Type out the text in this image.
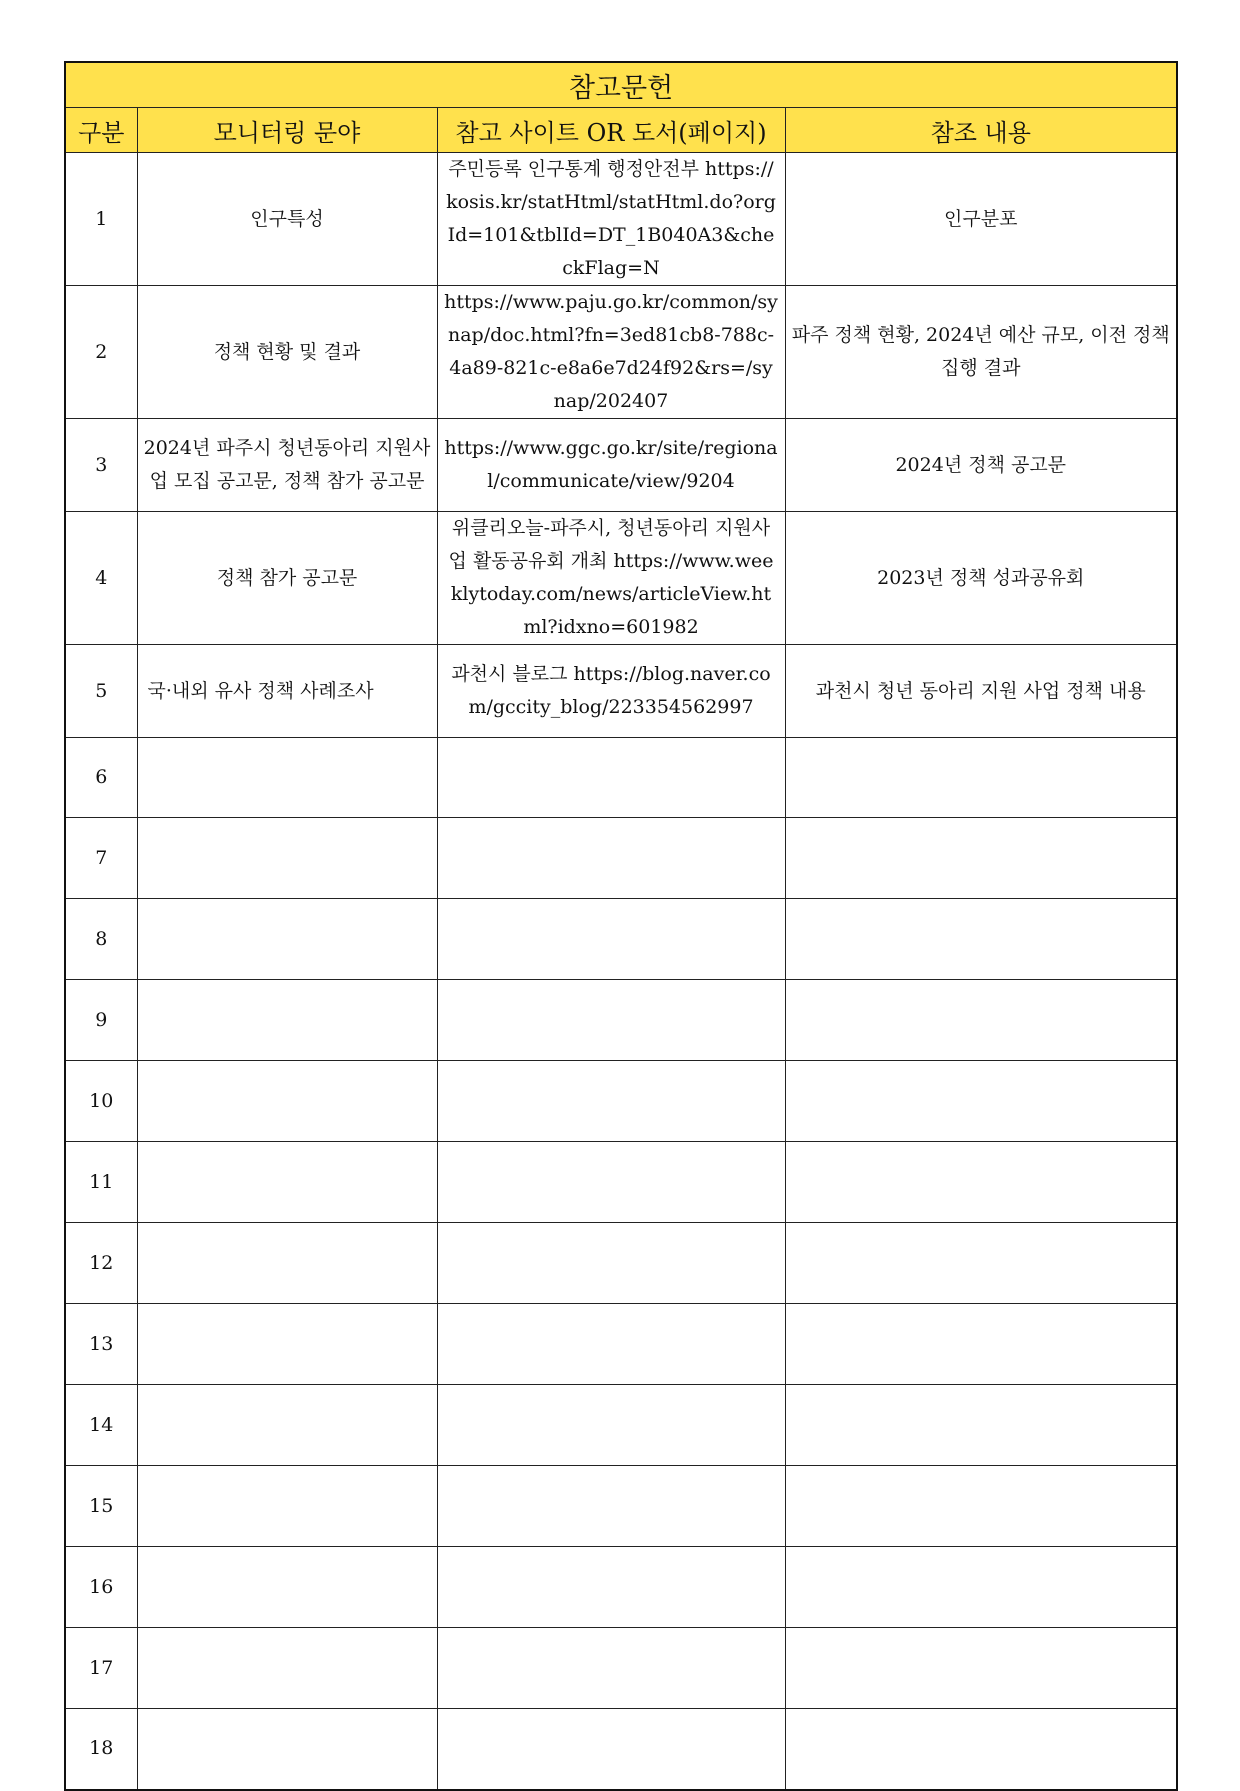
참고문헌			
구분	모니터링 문야	참고 사이트 OR 도서(페이지)	참조 내용
1	인구특성	주민등록 인구통계 행정안전부 https://kosis.kr/statHtml/statHtml.do?orgId=101&tblId=DT_1B040A3&checkFlag=N	인구분포
2	정책 현황 및 결과	https://www.paju.go.kr/common/synap/doc.html?fn=3ed81cb8-788c-4a89-821c-e8a6e7d24f92&rs=/synap/202407	파주 정책 현황, 2024년 예산 규모, 이전 정책 집행 결과
3	2024년 파주시 청년동아리 지원사업 모집 공고문, 정책 참가 공고문	https://www.ggc.go.kr/site/regional/communicate/view/9204	2024년 정책 공고문
4	정책 참가 공고문	위클리오늘-파주시, 청년동아리 지원사업 활동공유회 개최 https://www.weeklytoday.com/news/articleView.html?idxno=601982	2023년 정책 성과공유회
5	국·내외 유사 정책 사례조사	과천시 블로그 https://blog.naver.com/gccity_blog/223354562997	과천시 청년 동아리 지원 사업 정책 내용
6			
7			
8			
9			
10			
11			
12			
13			
14			
15			
16			
17			
18			
